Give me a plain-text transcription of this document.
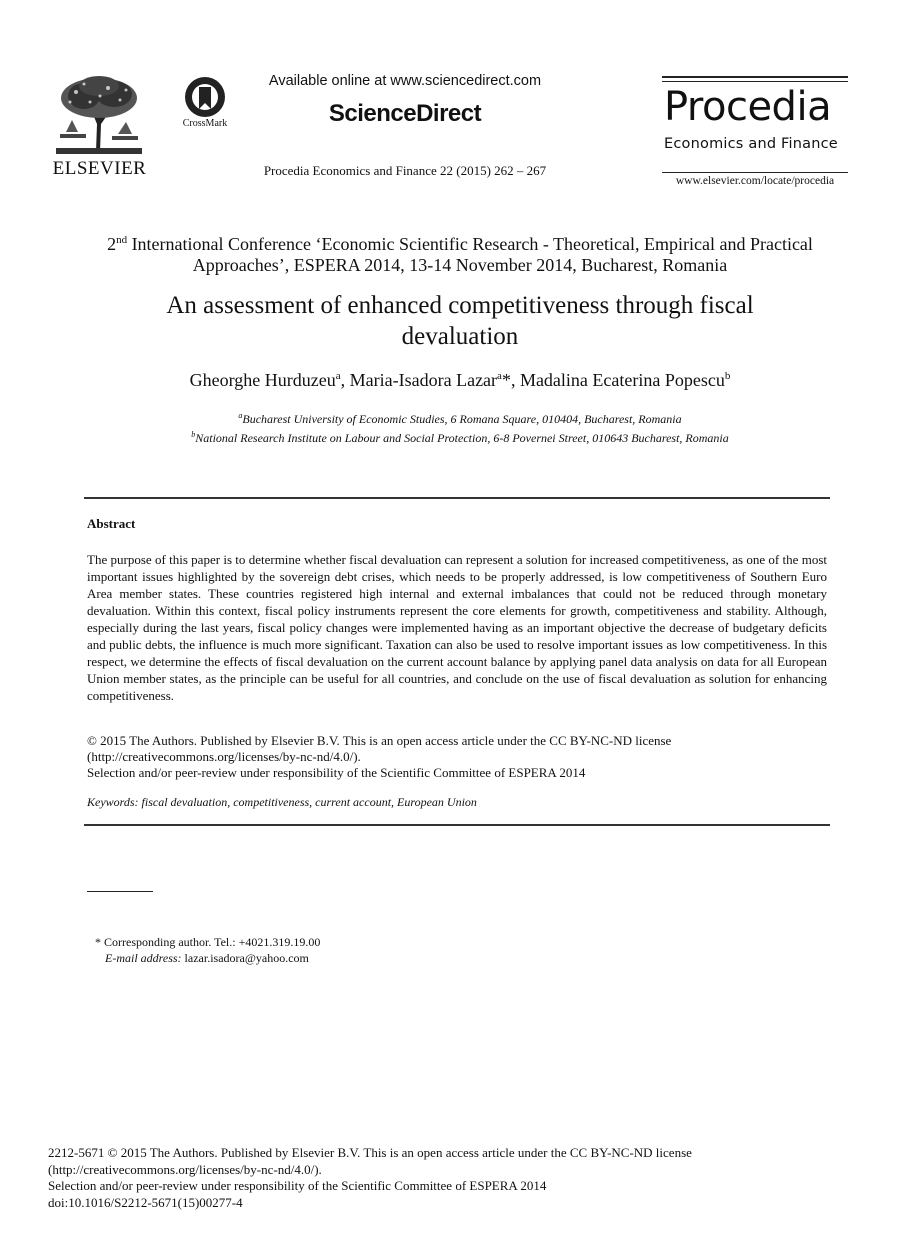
ELSEVIER
CrossMark
Available online at www.sciencedirect.com
ScienceDirect
Procedia Economics and Finance 22 (2015) 262 – 267
Procedia
Economics and Finance
www.elsevier.com/locate/procedia
2nd International Conference ‘Economic Scientific Research - Theoretical, Empirical and Practical
Approaches’, ESPERA 2014, 13-14 November 2014, Bucharest, Romania
An assessment of enhanced competitiveness through fiscal
devaluation
Gheorghe Hurduzeu$^a$, Maria-Isadora Lazar$^a$*, Madalina Ecaterina Popescu$^b$
$^a$Bucharest University of Economic Studies, 6 Romana Square, 010404, Bucharest, Romania
$^b$National Research Institute on Labour and Social Protection, 6-8 Povernei Street, 010643 Bucharest, Romania
Abstract
The purpose of this paper is to determine whether fiscal devaluation can represent a solution for increased competitiveness, as one of the most important issues highlighted by the sovereign debt crises, which needs to be properly addressed, is low competitiveness of Southern Euro Area member states. These countries registered high internal and external imbalances that could not be reduced through monetary devaluation. Within this context, fiscal policy instruments represent the core elements for growth, competitiveness and stability. Although, especially during the last years, fiscal policy changes were implemented having as an important objective the decrease of budgetary deficits and public debts, the influence is much more significant. Taxation can also be used to resolve important issues as low competitiveness. In this respect, we determine the effects of fiscal devaluation on the current account balance by applying panel data analysis on data for all European Union member states, as the principle can be useful for all countries, and conclude on the use of fiscal devaluation as solution for enhancing competitiveness.
© 2015 The Authors. Published by Elsevier B.V. This is an open access article under the CC BY-NC-ND license
(http://creativecommons.org/licenses/by-nc-nd/4.0/).
Selection and/or peer-review under responsibility of the Scientific Committee of ESPERA 2014
Keywords: fiscal devaluation, competitiveness, current account, European Union
* Corresponding author. Tel.: +4021.319.19.00
E-mail address: lazar.isadora@yahoo.com
2212-5671 © 2015 The Authors. Published by Elsevier B.V. This is an open access article under the CC BY-NC-ND license
(http://creativecommons.org/licenses/by-nc-nd/4.0/).
Selection and/or peer-review under responsibility of the Scientific Committee of ESPERA 2014
doi:10.1016/S2212-5671(15)00277-4
